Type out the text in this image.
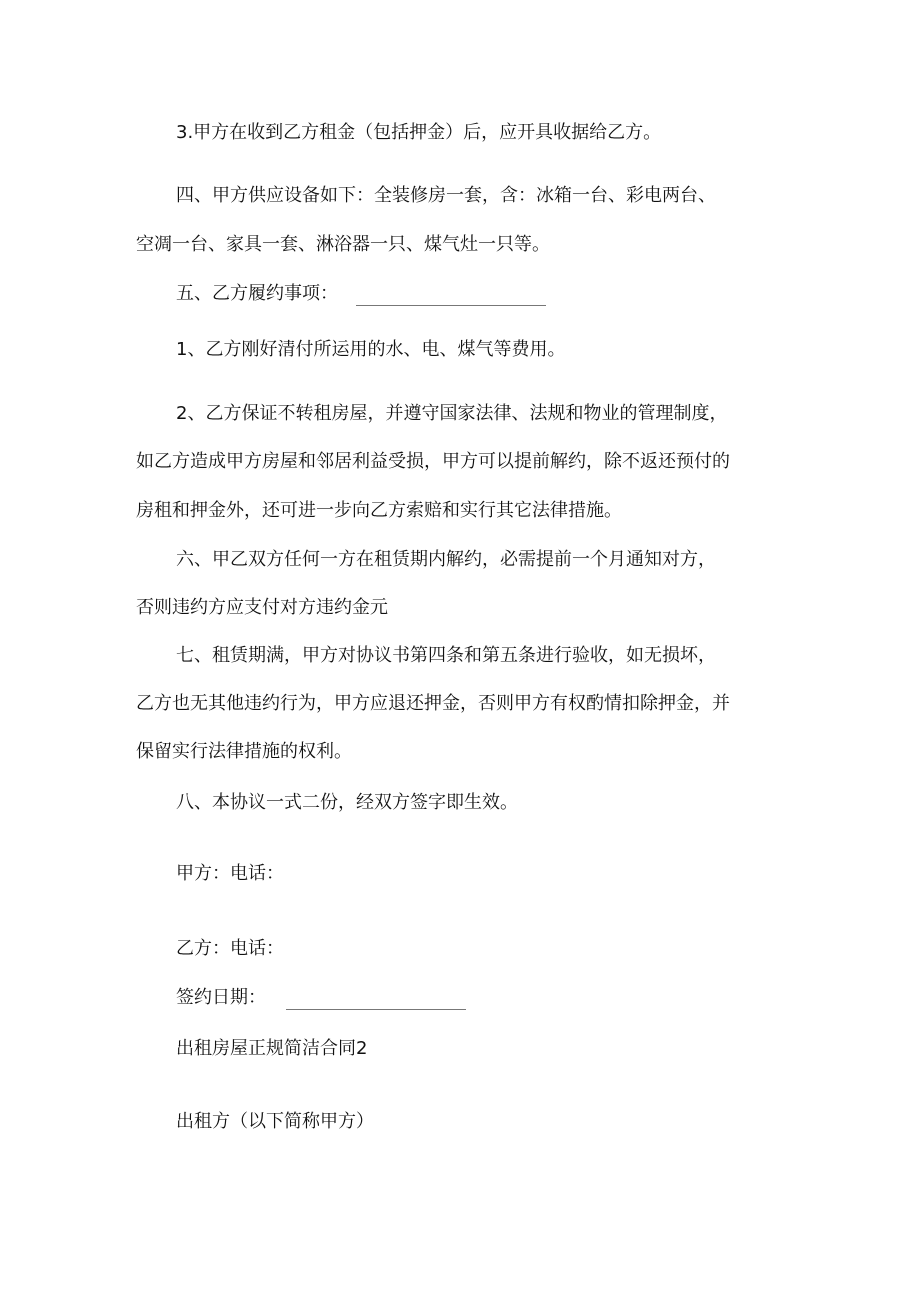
3.甲方在收到乙方租金（包括押金）后，应开具收据给乙方。
四、甲方供应设备如下：全装修房一套，含：冰箱一台、彩电两台、
空凋一台、家具一套、淋浴器一只、煤气灶一只等。
五、乙方履约事项：
1、乙方刚好清付所运用的水、电、煤气等费用。
2、乙方保证不转租房屋，并遵守国家法律、法规和物业的管理制度，
如乙方造成甲方房屋和邻居利益受损，甲方可以提前解约，除不返还预付的
房租和押金外，还可进一步向乙方索赔和实行其它法律措施。
六、甲乙双方任何一方在租赁期内解约，必需提前一个月通知对方，
否则违约方应支付对方违约金元
七、租赁期满，甲方对协议书第四条和第五条进行验收，如无损坏，
乙方也无其他违约行为，甲方应退还押金，否则甲方有权酌情扣除押金，并
保留实行法律措施的权利。
八、本协议一式二份，经双方签字即生效。
甲方：电话：
乙方：电话：
签约日期：
出租房屋正规简洁合同2
出租方（以下简称甲方）
